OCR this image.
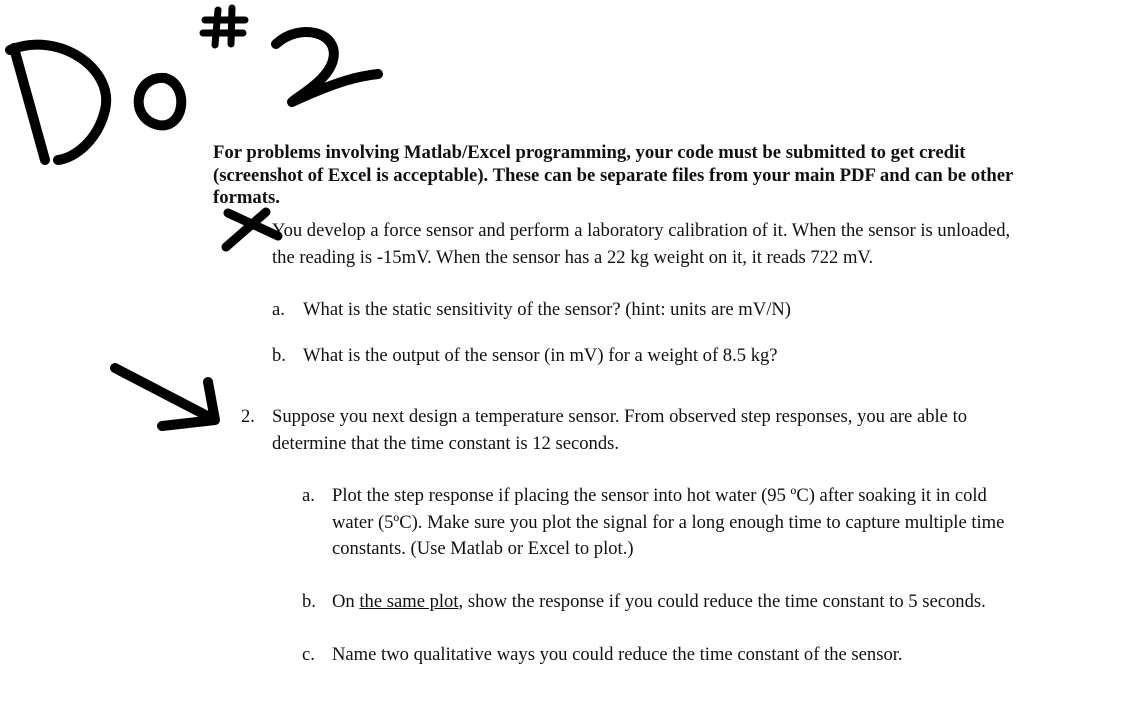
For problems involving Matlab/Excel programming, your code must be submitted to get credit (screenshot of Excel is acceptable). These can be separate files from your main PDF and can be other formats.

You develop a force sensor and perform a laboratory calibration of it. When the sensor is unloaded, the reading is -15mV. When the sensor has a 22 kg weight on it, it reads 722 mV.

a. What is the static sensitivity of the sensor? (hint: units are mV/N)

b. What is the output of the sensor (in mV) for a weight of 8.5 kg?

2. Suppose you next design a temperature sensor. From observed step responses, you are able to determine that the time constant is 12 seconds.

a. Plot the step response if placing the sensor into hot water (95 ºC) after soaking it in cold water (5ºC). Make sure you plot the signal for a long enough time to capture multiple time constants. (Use Matlab or Excel to plot.)

b. On the same plot, show the response if you could reduce the time constant to 5 seconds.

c. Name two qualitative ways you could reduce the time constant of the sensor.
